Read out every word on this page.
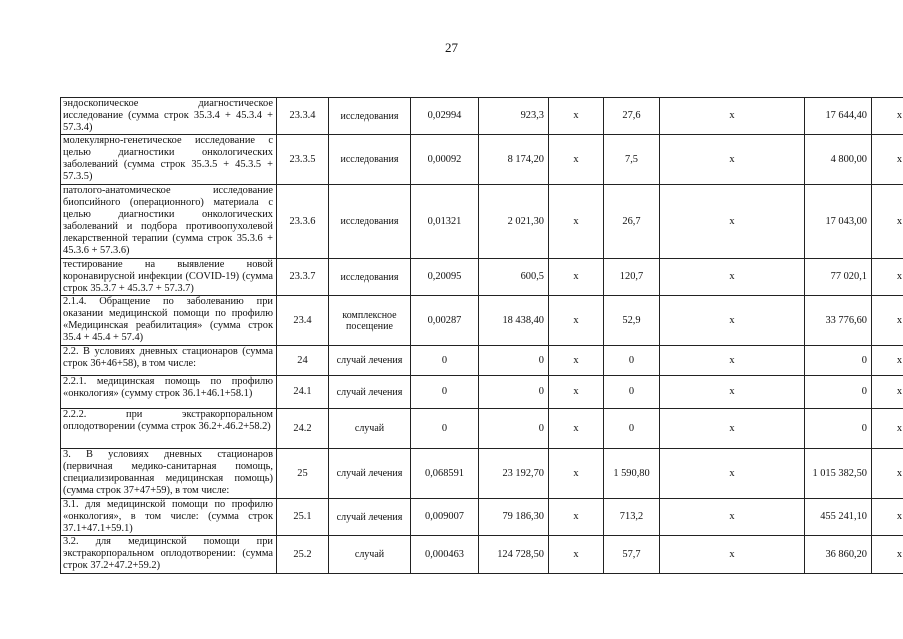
27
эндоскопическое диагностическое исследование (сумма строк 35.3.4 + 45.3.4 + 57.3.4)	23.3.4	исследования	0,02994	923,3	х	27,6	х	17 644,40	х
молекулярно-генетическое исследование с целью диагностики онкологических заболеваний (сумма строк 35.3.5 + 45.3.5 + 57.3.5)	23.3.5	исследования	0,00092	8 174,20	х	7,5	х	4 800,00	х
патолого-анатомическое исследование биопсийного (операционного) материала с целью диагностики онкологических заболеваний и подбора противоопухолевой лекарственной терапии (сумма строк 35.3.6 + 45.3.6 + 57.3.6)	23.3.6	исследования	0,01321	2 021,30	х	26,7	х	17 043,00	х
тестирование на выявление новой коронавирусной инфекции (COVID-19) (сумма строк 35.3.7 + 45.3.7 + 57.3.7)	23.3.7	исследования	0,20095	600,5	х	120,7	х	77 020,1	х
2.1.4. Обращение по заболеванию при оказании медицинской помощи по профилю «Медицинская реабилитация» (сумма строк 35.4 + 45.4 + 57.4)	23.4	комплексное посещение	0,00287	18 438,40	х	52,9	х	33 776,60	х
2.2. В условиях дневных стационаров (сумма строк 36+46+58), в том числе:	24	случай лечения	0	0	х	0	х	0	х
2.2.1. медицинская помощь по профилю «онкология» (сумму строк 36.1+46.1+58.1)	24.1	случай лечения	0	0	х	0	х	0	х
2.2.2. при экстракорпоральном оплодотворении (сумма строк 36.2+.46.2+58.2)	24.2	случай	0	0	х	0	х	0	х
3. В условиях дневных стационаров (первичная медико-санитарная помощь, специализированная медицинская помощь) (сумма строк 37+47+59), в том числе:	25	случай лечения	0,068591	23 192,70	х	1 590,80	х	1 015 382,50	х
3.1. для медицинской помощи по профилю «онкология», в том числе: (сумма строк 37.1+47.1+59.1)	25.1	случай лечения	0,009007	79 186,30	х	713,2	х	455 241,10	х
3.2. для медицинской помощи при экстракорпоральном оплодотворении: (сумма строк 37.2+47.2+59.2)	25.2	случай	0,000463	124 728,50	х	57,7	х	36 860,20	х
